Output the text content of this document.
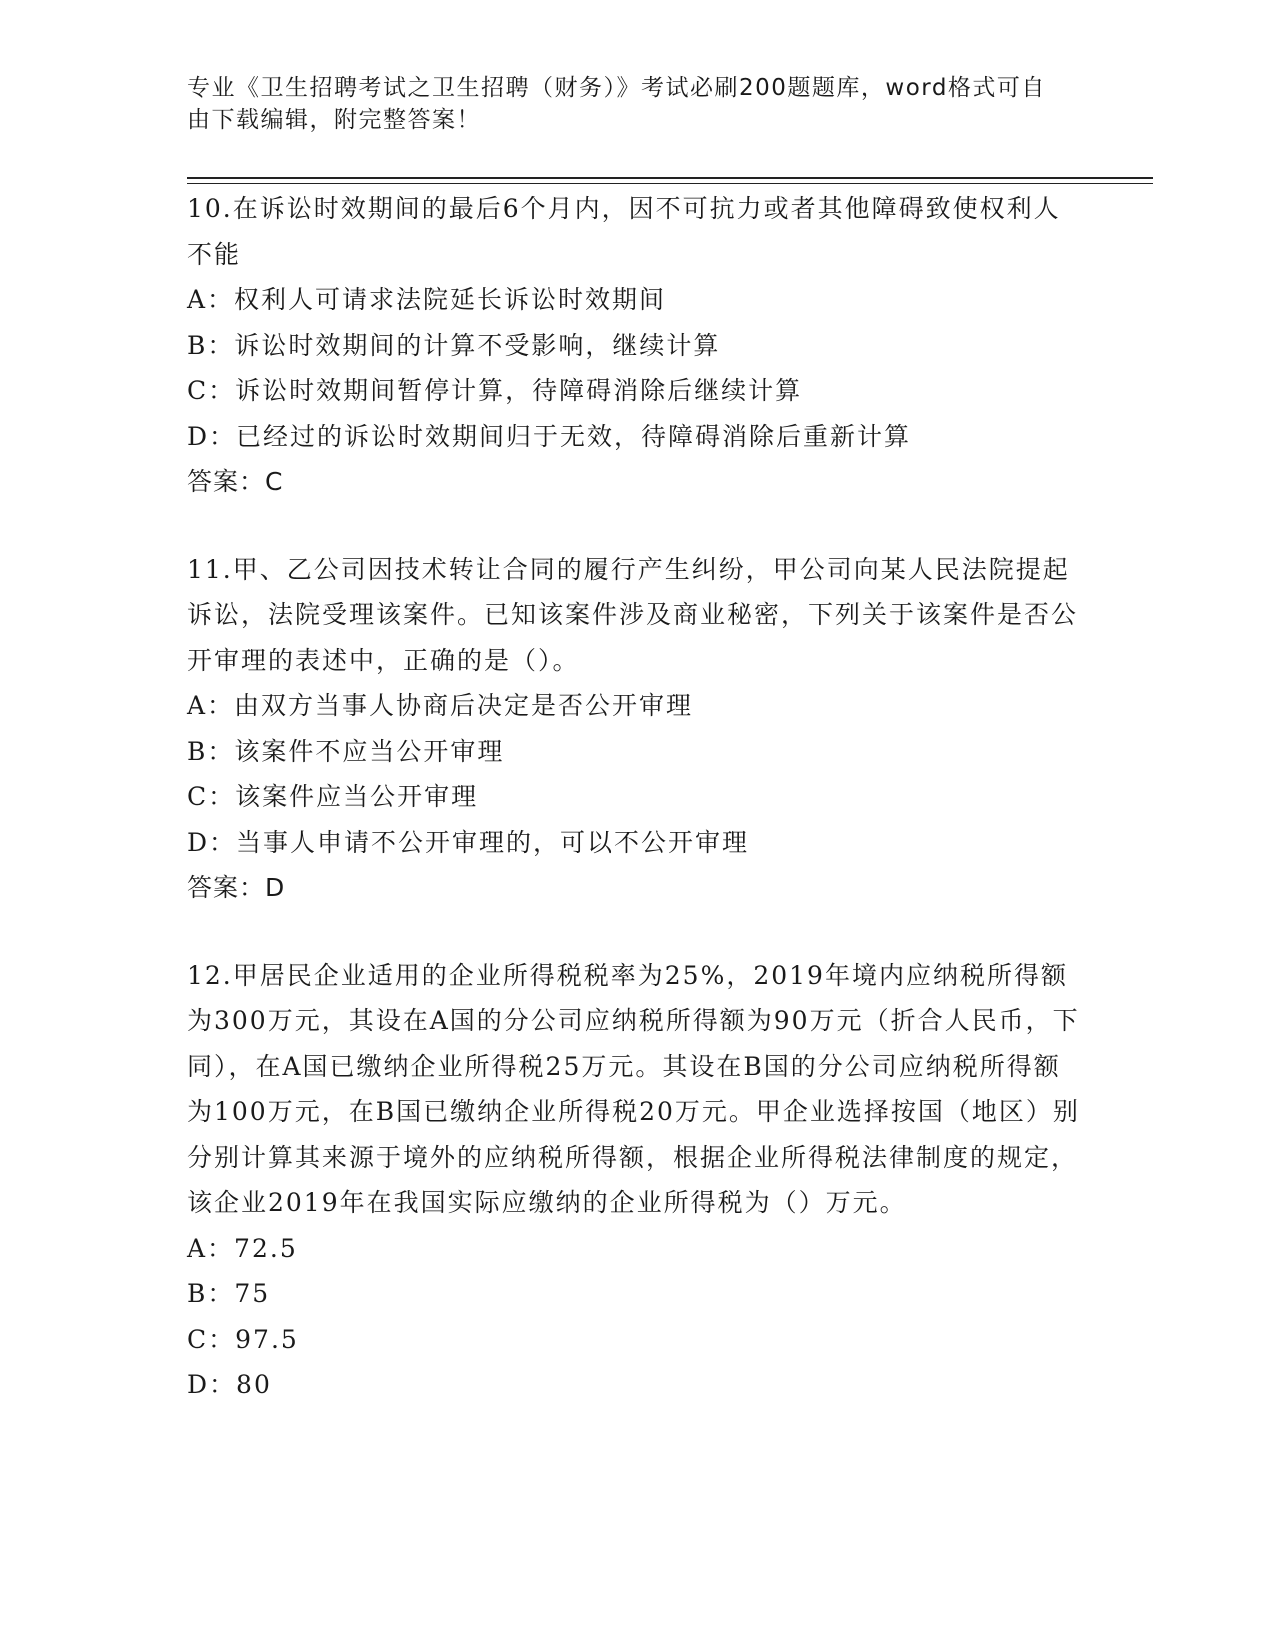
专业《卫生招聘考试之卫生招聘（财务）》考试必刷200题题库，word格式可自由下载编辑，附完整答案！

10.在诉讼时效期间的最后6个月内，因不可抗力或者其他障碍致使权利人不能

A：权利人可请求法院延长诉讼时效期间

B：诉讼时效期间的计算不受影响，继续计算

C：诉讼时效期间暂停计算，待障碍消除后继续计算

D：已经过的诉讼时效期间归于无效，待障碍消除后重新计算

答案：C

11.甲、乙公司因技术转让合同的履行产生纠纷，甲公司向某人民法院提起诉讼，法院受理该案件。已知该案件涉及商业秘密，下列关于该案件是否公开审理的表述中，正确的是（）。

A：由双方当事人协商后决定是否公开审理

B：该案件不应当公开审理

C：该案件应当公开审理

D：当事人申请不公开审理的，可以不公开审理

答案：D

12.甲居民企业适用的企业所得税税率为25%，2019年境内应纳税所得额为300万元，其设在A国的分公司应纳税所得额为90万元（折合人民币，下同），在A国已缴纳企业所得税25万元。其设在B国的分公司应纳税所得额为100万元，在B国已缴纳企业所得税20万元。甲企业选择按国（地区）别分别计算其来源于境外的应纳税所得额，根据企业所得税法律制度的规定，该企业2019年在我国实际应缴纳的企业所得税为（）万元。

A：72.5

B：75

C：97.5

D：80
